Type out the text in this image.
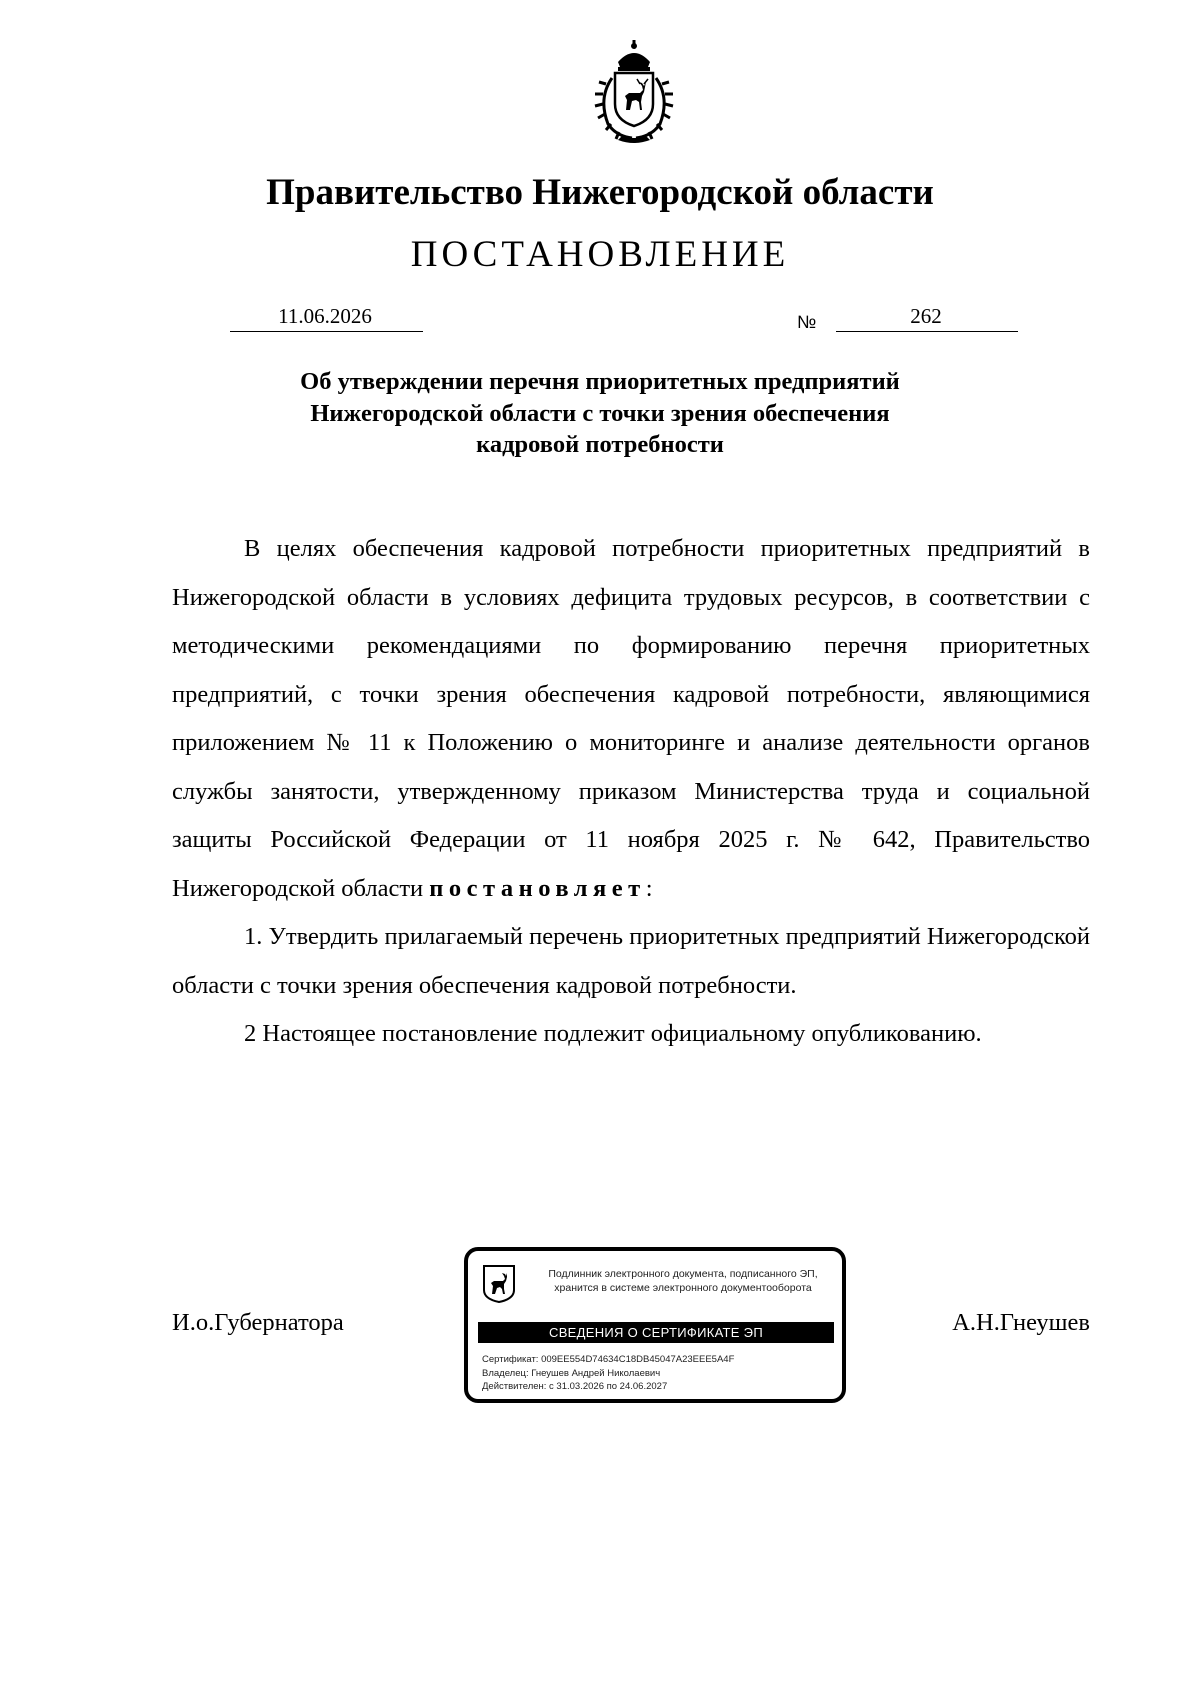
Правительство Нижегородской области
ПОСТАНОВЛЕНИЕ
11.06.2026	№	262
Об утверждении перечня приоритетных предприятий
Нижегородской области с точки зрения обеспечения
кадровой потребности

В целях обеспечения кадровой потребности приоритетных предприятий в Нижегородской области в условиях дефицита трудовых ресурсов, в соответствии с методическими рекомендациями по формированию перечня приоритетных предприятий, с точки зрения обеспечения кадровой потребности, являющимися приложением № 11 к Положению о мониторинге и анализе деятельности органов службы занятости, утвержденному приказом Министерства труда и социальной защиты Российской Федерации от 11 ноября 2025 г. № 642, Правительство Нижегородской области постановляет:

1. Утвердить прилагаемый перечень приоритетных предприятий Нижегородской области с точки зрения обеспечения кадровой потребности.

2 Настоящее постановление подлежит официальному опубликованию.

И.о.Губернатора	А.Н.Гнеушев
Подлинник электронного документа, подписанного ЭП,
хранится в системе электронного документооборота
СВЕДЕНИЯ О СЕРТИФИКАТЕ ЭП
Сертификат: 009EE554D74634C18DB45047A23EEE5A4F
Владелец: Гнеушев Андрей Николаевич
Действителен: с 31.03.2026 по 24.06.2027
